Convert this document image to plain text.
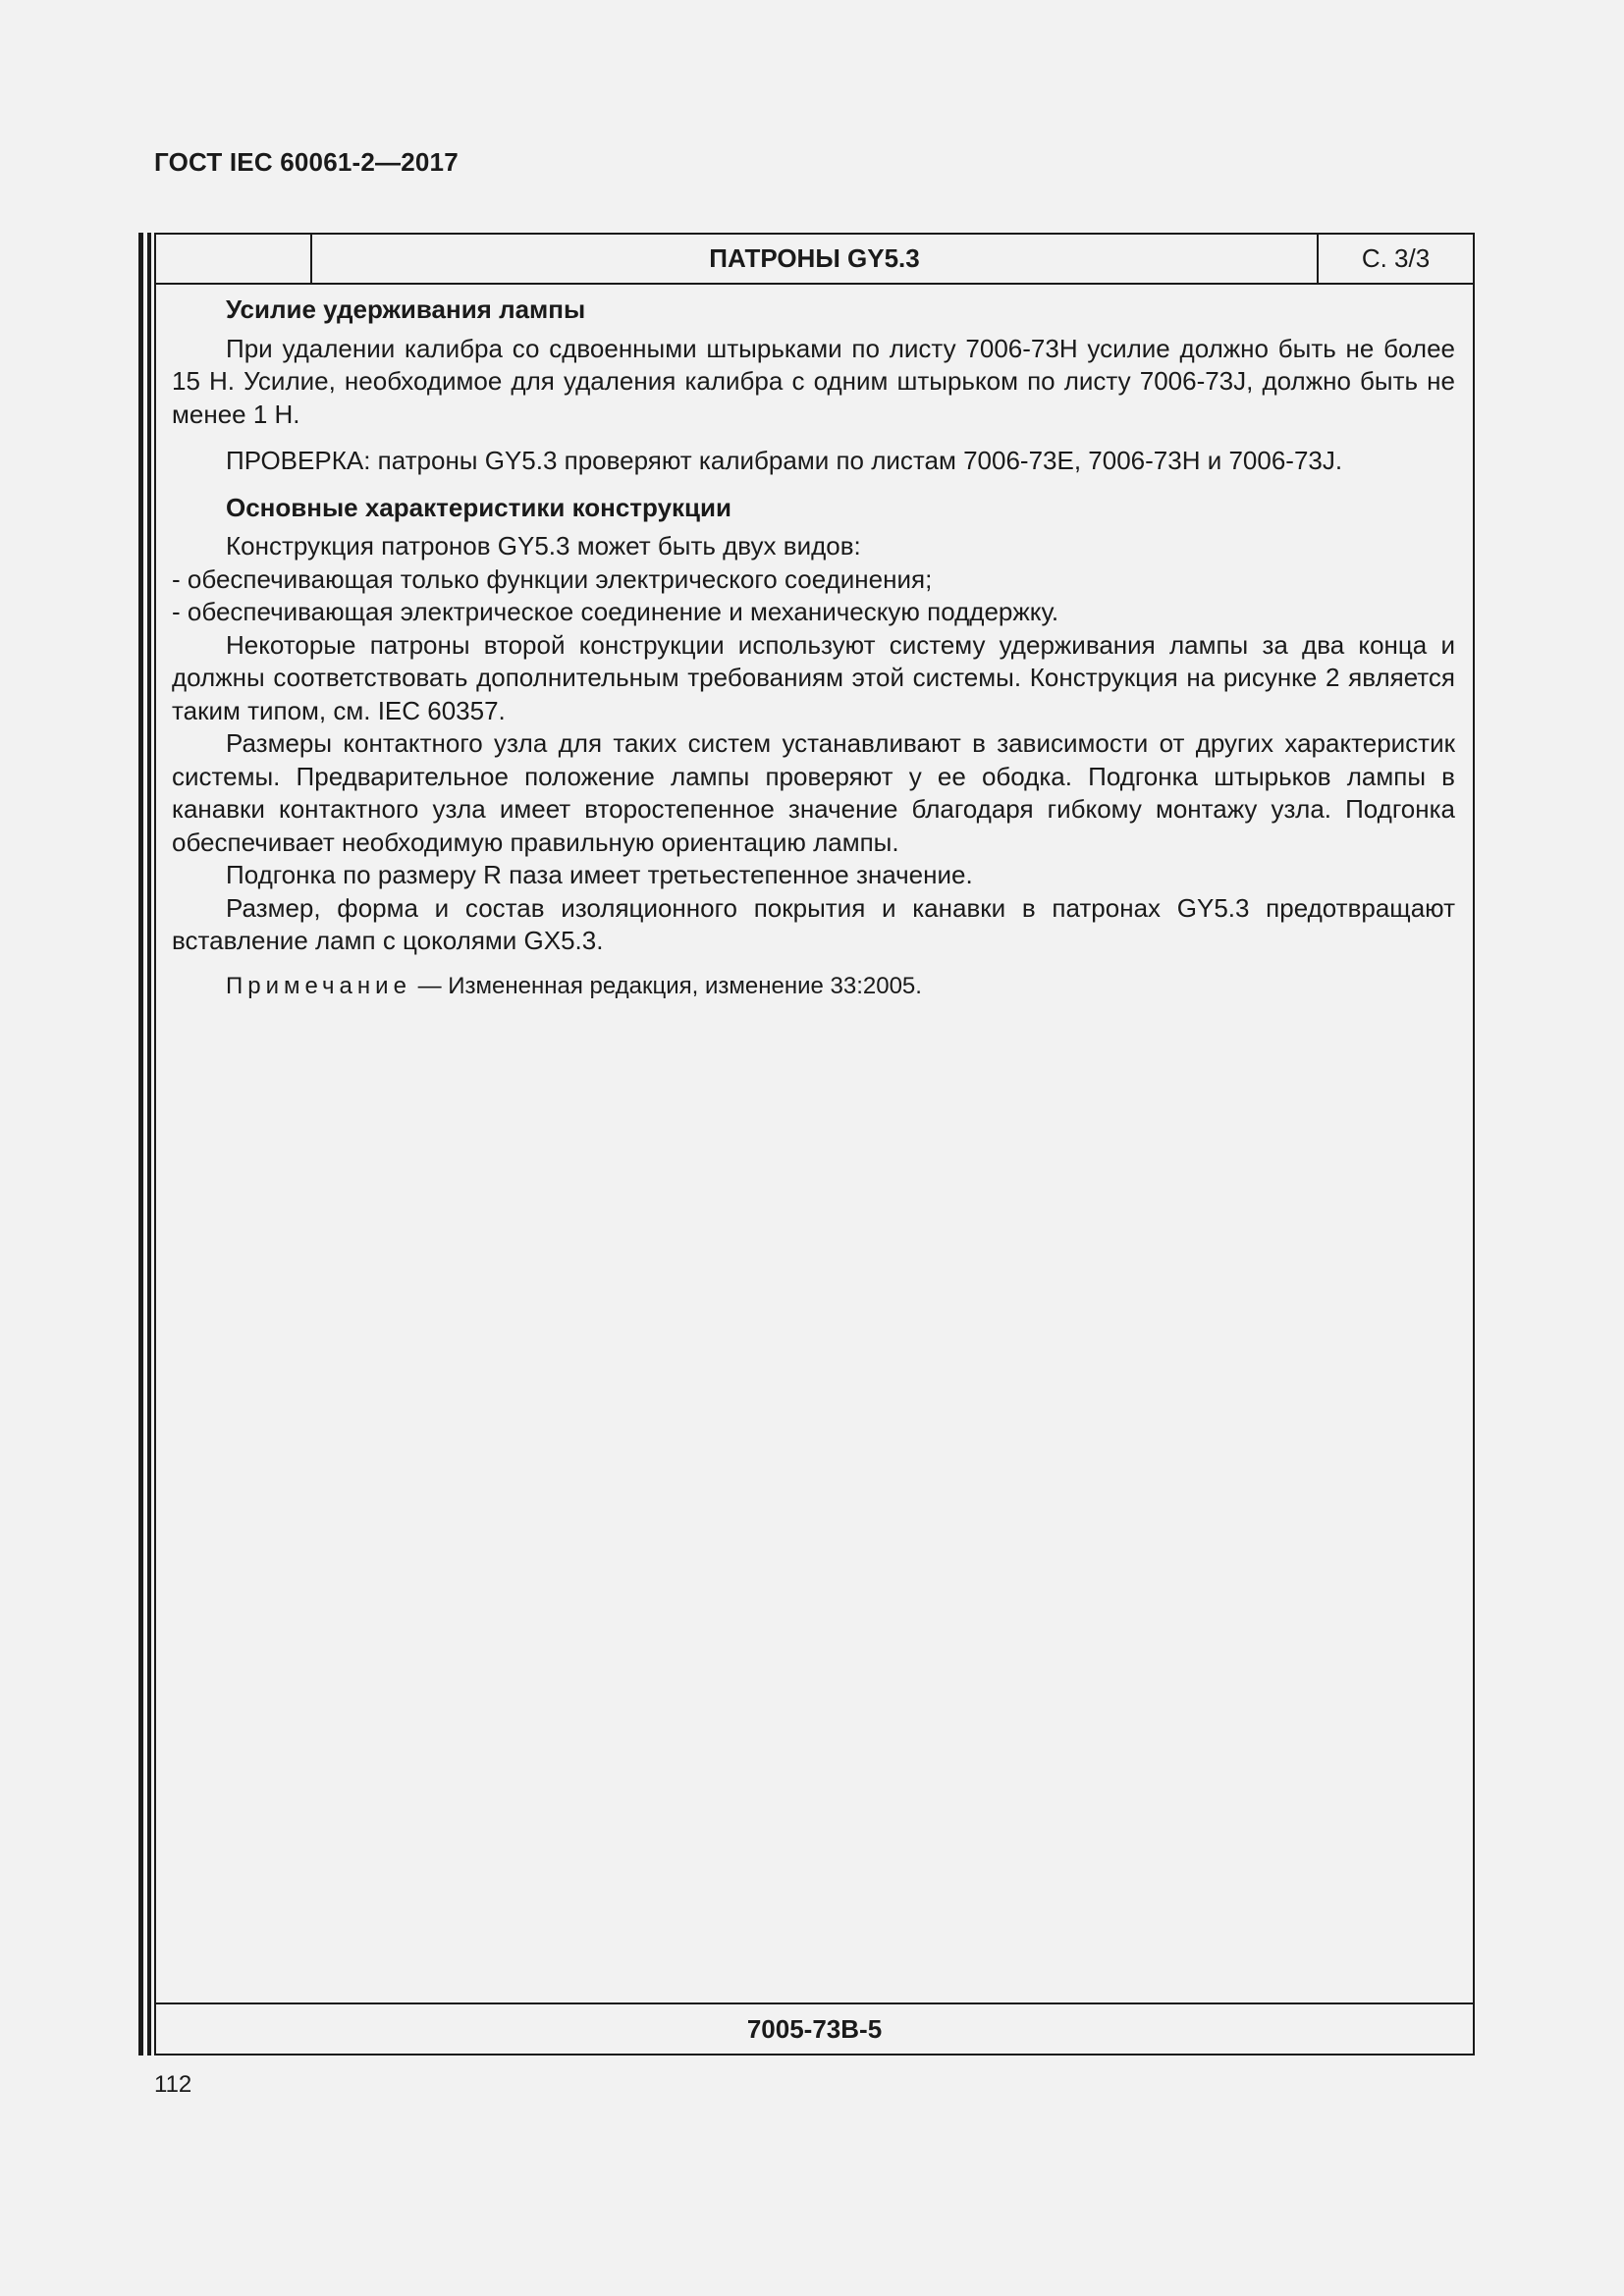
ГОСТ IEC 60061-2—2017
ПАТРОНЫ GY5.3	С. 3/3

Усилие удерживания лампы

При удалении калибра со сдвоенными штырьками по листу 7006-73H усилие должно быть не более 15 Н. Усилие, необходимое для удаления калибра с одним штырьком по листу 7006-73J, должно быть не менее 1 Н.

ПРОВЕРКА: патроны GY5.3 проверяют калибрами по листам 7006-73E, 7006-73H и 7006-73J.

Основные характеристики конструкции

Конструкция патронов GY5.3 может быть двух видов:

- обеспечивающая только функции электрического соединения;

- обеспечивающая электрическое соединение и механическую поддержку.

Некоторые патроны второй конструкции используют систему удерживания лампы за два конца и должны соответствовать дополнительным требованиям этой системы. Конструкция на рисунке 2 является таким типом, см. IEC 60357.

Размеры контактного узла для таких систем устанавливают в зависимости от других характеристик системы. Предварительное положение лампы проверяют у ее ободка. Подгонка штырьков лампы в канавки контактного узла имеет второстепенное значение благодаря гибкому монтажу узла. Подгонка обеспечивает необходимую правильную ориентацию лампы.

Подгонка по размеру R паза имеет третьестепенное значение.

Размер, форма и состав изоляционного покрытия и канавки в патронах GY5.3 предотвращают вставление ламп с цоколями GX5.3.

Примечание — Измененная редакция, изменение 33:2005.

7005-73B-5
112
